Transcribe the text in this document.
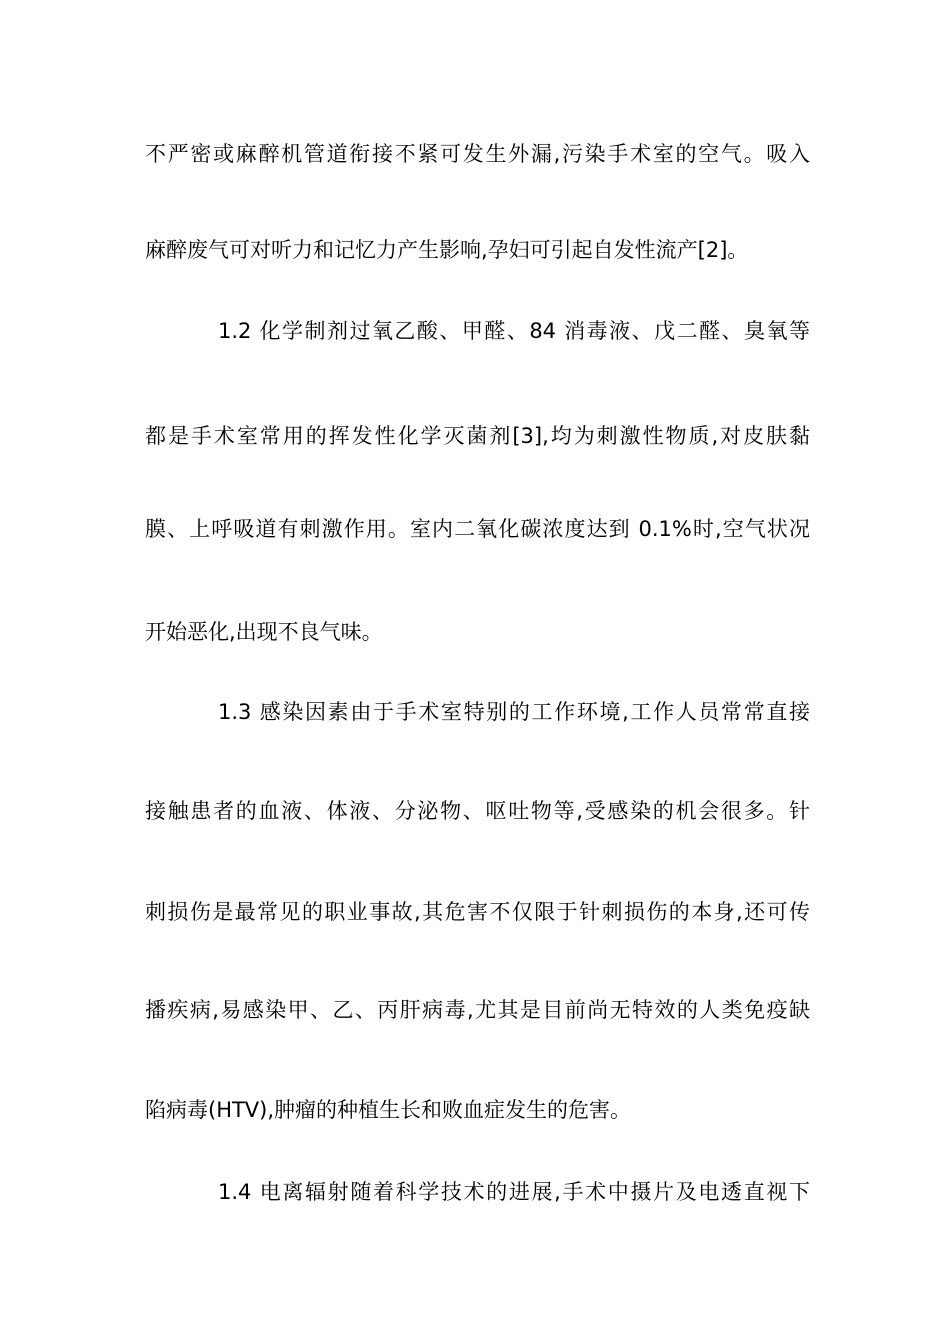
不严密或麻醉机管道衔接不紧可发生外漏,污染手术室的空气。吸入
麻醉废气可对听力和记忆力产生影响,孕妇可引起自发性流产[2]。
1.2 化学制剂过氧乙酸、甲醛、84 消毒液、戊二醛、臭氧等
都是手术室常用的挥发性化学灭菌剂[3],均为刺激性物质,对皮肤黏
膜、上呼吸道有刺激作用。室内二氧化碳浓度达到 0.1%时,空气状况
开始恶化,出现不良气味。
1.3 感染因素由于手术室特别的工作环境,工作人员常常直接
接触患者的血液、体液、分泌物、呕吐物等,受感染的机会很多。针
刺损伤是最常见的职业事故,其危害不仅限于针刺损伤的本身,还可传
播疾病,易感染甲、乙、丙肝病毒,尤其是目前尚无特效的人类免疫缺
陷病毒(HTV),肿瘤的种植生长和败血症发生的危害。
1.4 电离辐射随着科学技术的进展,手术中摄片及电透直视下
